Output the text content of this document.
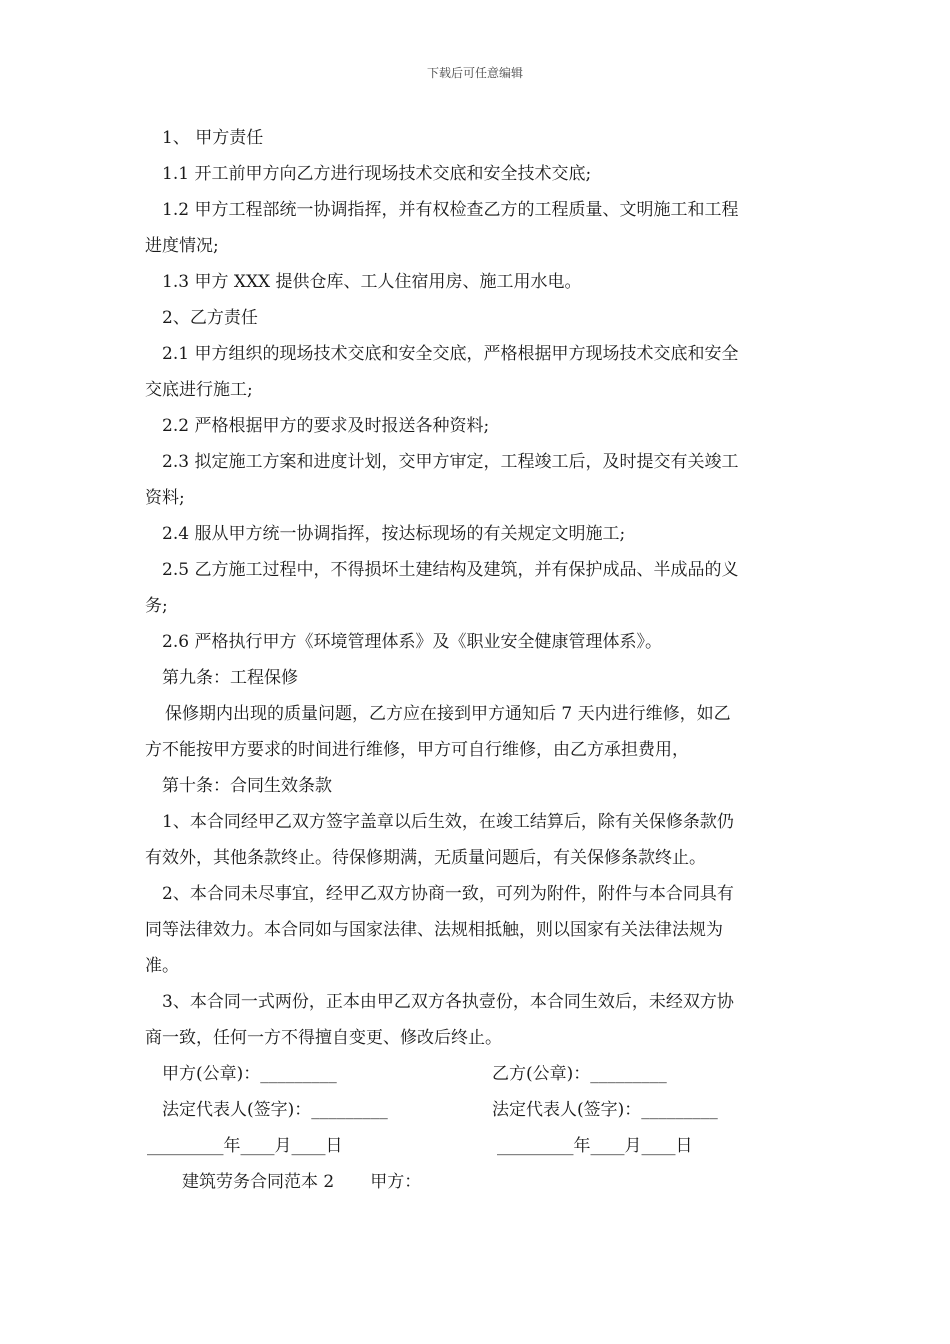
下载后可任意编辑
1、 甲方责任
1.1 开工前甲方向乙方进行现场技术交底和安全技术交底;
1.2 甲方工程部统一协调指挥，并有权检查乙方的工程质量、文明施工和工程
进度情况;
1.3 甲方 XXX 提供仓库、工人住宿用房、施工用水电。
2、乙方责任
2.1 甲方组织的现场技术交底和安全交底，严格根据甲方现场技术交底和安全
交底进行施工;
2.2 严格根据甲方的要求及时报送各种资料;
2.3 拟定施工方案和进度计划，交甲方审定，工程竣工后，及时提交有关竣工
资料;
2.4 服从甲方统一协调指挥，按达标现场的有关规定文明施工;
2.5 乙方施工过程中，不得损坏土建结构及建筑，并有保护成品、半成品的义
务;
2.6 严格执行甲方《环境管理体系》及《职业安全健康管理体系》。
第九条：工程保修
保修期内出现的质量问题，乙方应在接到甲方通知后 7 天内进行维修，如乙
方不能按甲方要求的时间进行维修，甲方可自行维修，由乙方承担费用，
第十条：合同生效条款
1、本合同经甲乙双方签字盖章以后生效，在竣工结算后，除有关保修条款仍
有效外，其他条款终止。待保修期满，无质量问题后，有关保修条款终止。
2、本合同未尽事宜，经甲乙双方协商一致，可列为附件，附件与本合同具有
同等法律效力。本合同如与国家法律、法规相抵触，则以国家有关法律法规为
准。
3、本合同一式两份，正本由甲乙双方各执壹份，本合同生效后，未经双方协
商一致，任何一方不得擅自变更、修改后终止。
甲方(公章)：_________	乙方(公章)：_________
法定代表人(签字)：_________	法定代表人(签字)：_________
_________年____月____日	_________年____月____日
建筑劳务合同范本 2 甲方：
